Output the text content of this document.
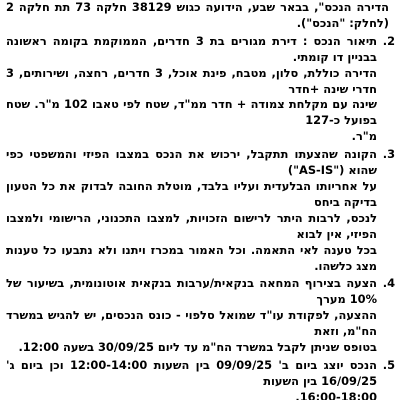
הדירה הנכס", בבאר שבע, הידועה כגוש 38129 חלקה 73 תת חלקה 2 (לחלק: "הנכס").

2.

תיאור הנכס : דירת מגורים בת 3 חדרים, הממוקמת בקומה ראשונה בבניין דו קומתי.

הדירה כוללת, סלון, מטבח, פינת אוכל, 3 חדרים, רחצה, ושירותים, 3 חדרי שינה +חדר

שינה עם מקלחת צמודה + חדר ממ"ד, שטח לפי טאבו 102 מ"ר. שטח בפועל כ-127

מ"ר.

3.

הקונה שהצעתו תתקבל, ירכוש את הנכס במצבו הפיזי והמשפטי כפי שהוא ("AS-IS")

על אחריותו הבלעדית ועליו בלבד, מוטלת החובה לבדוק את כל הטעון בדיקה ביחס

לנכס, לרבות היתר לרישום הזכויות, למצבו התכנוני, הרישומי ולמצבו הפיזי, אין לבוא

בכל טענה לאי התאמה. וכל האמור במכרז ויתנו ולא נתבעו כל טענות מצג כלשהו.

4.

הצעה בצירוף המחאה בנקאית/ערבות בנקאית אוטונומית, בשיעור של 10% מערך

ההצעה, לפקודת עו"ד שמואל סלפוי - כונס הנכסים, יש להגיש במשרד הח"מ, וזאת

בטופס שניתן לקבל במשרד הח"מ עד ליום 30/09/25 בשעה 12:00.

5.

הנכס יוצג ביום ב' 09/09/25 בין השעות 12:00-14:00 וכן ביום ג' 16/09/25 בין השעות

16:00-18:00.
